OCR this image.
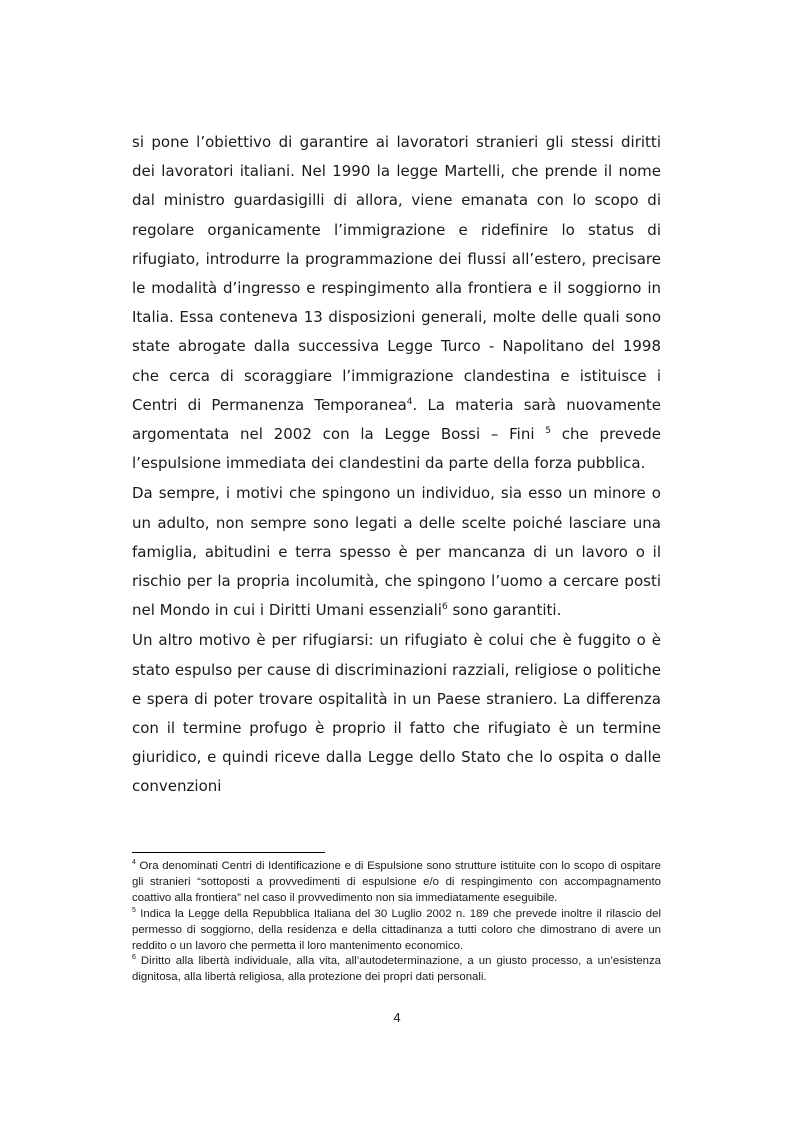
si pone l’obiettivo di garantire ai lavoratori stranieri gli stessi diritti dei lavoratori italiani. Nel 1990 la legge Martelli, che prende il nome dal ministro guardasigilli di allora, viene emanata con lo scopo di regolare organicamente l’immigrazione e ridefinire lo status di rifugiato, introdurre la programmazione dei flussi all’estero, precisare le modalità d’ingresso e respingimento alla frontiera e il soggiorno in Italia. Essa conteneva 13 disposizioni generali, molte delle quali sono state abrogate dalla successiva Legge Turco - Napolitano del 1998 che cerca di scoraggiare l’immigrazione clandestina e istituisce i Centri di Permanenza Temporanea$^4$. La materia sarà nuovamente argomentata nel 2002 con la Legge Bossi – Fini $^5$ che prevede l’espulsione immediata dei clandestini da parte della forza pubblica.

Da sempre, i motivi che spingono un individuo, sia esso un minore o un adulto, non sempre sono legati a delle scelte poiché lasciare una famiglia, abitudini e terra spesso è per mancanza di un lavoro o il rischio per la propria incolumità, che spingono l’uomo a cercare posti nel Mondo in cui i Diritti Umani essenziali$^6$ sono garantiti.

Un altro motivo è per rifugiarsi: un rifugiato è colui che è fuggito o è stato espulso per cause di discriminazioni razziali, religiose o politiche e spera di poter trovare ospitalità in un Paese straniero. La differenza con il termine profugo è proprio il fatto che rifugiato è un termine giuridico, e quindi riceve dalla Legge dello Stato che lo ospita o dalle convenzioni

$^4$ Ora denominati Centri di Identificazione e di Espulsione sono strutture istituite con lo scopo di ospitare gli stranieri “sottoposti a provvedimenti di espulsione e/o di respingimento con accompagnamento coattivo alla frontiera” nel caso il provvedimento non sia immediatamente eseguibile.

$^5$ Indica la Legge della Repubblica Italiana del 30 Luglio 2002 n. 189 che prevede inoltre il rilascio del permesso di soggiorno, della residenza e della cittadinanza a tutti coloro che dimostrano di avere un reddito o un lavoro che permetta il loro mantenimento economico.

$^6$ Diritto alla libertà individuale, alla vita, all’autodeterminazione, a un giusto processo, a un’esistenza dignitosa, alla libertà religiosa, alla protezione dei propri dati personali.

4
